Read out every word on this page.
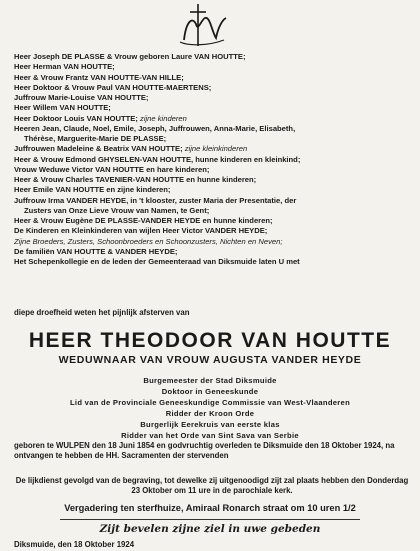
Heer Joseph DE PLASSE & Vrouw geboren Laure VAN HOUTTE;
Heer Herman VAN HOUTTE;
Heer & Vrouw Frantz VAN HOUTTE-VAN HILLE;
Heer Doktoor & Vrouw Paul VAN HOUTTE-MAERTENS;
Juffrouw Marie-Louise VAN HOUTTE;
Heer Willem VAN HOUTTE;
Heer Doktoor Louis VAN HOUTTE; zijne kinderen
Heeren Jean, Claude, Noel, Emile, Joseph, Juffrouwen, Anna-Marie, Elisabeth,
Thérèse, Marguerite-Marie DE PLASSE;
Juffrouwen Madeleine & Beatrix VAN HOUTTE; zijne kleinkinderen
Heer & Vrouw Edmond GHYSELEN-VAN HOUTTE, hunne kinderen en kleinkind;
Vrouw Weduwe Victor VAN HOUTTE en hare kinderen;
Heer & Vrouw Charles TAVENIER-VAN HOUTTE en hunne kinderen;
Heer Emile VAN HOUTTE en zijne kinderen;
Juffrouw Irma VANDER HEYDE, in 't klooster, zuster Maria der Presentatie, der
Zusters van Onze Lieve Vrouw van Namen, te Gent;
Heer & Vrouw Eugène DE PLASSE-VANDER HEYDE en hunne kinderen;
De Kinderen en Kleinkinderen van wijlen Heer Victor VANDER HEYDE;
Zijne Broeders, Zusters, Schoonbroeders en Schoonzusters, Nichten en Neven;
De familiën VAN HOUTTE & VANDER HEYDE;
Het Schepenkollegie en de leden der Gemeenteraad van Diksmuide laten U met
diepe droefheid weten het pijnlijk afsterven van
HEER THEODOOR VAN HOUTTE
WEDUWNAAR VAN VROUW AUGUSTA VANDER HEYDE
Burgemeester der Stad Diksmuide
Doktoor in Geneeskunde
Lid van de Provinciale Geneeskundige Commissie van West-Vlaanderen
Ridder der Kroon Orde
Burgerlijk Eerekruis van eerste klas
Ridder van het Orde van Sint Sava van Serbie
geboren te WULPEN den 18 Juni 1854 en godvruchtig overleden te Diksmuide den 18 Oktober 1924, na ontvangen te hebben de HH. Sacramenten der stervenden
De lijkdienst gevolgd van de begraving, tot dewelke zij uitgenoodigd zijt zal plaats hebben den Donderdag 23 Oktober om 11 ure in de parochiale kerk.
Vergadering ten sterfhuize, Amiraal Ronarch straat om 10 uren 1/2
Zijt bevelen zijne ziel in uwe gebeden
Diksmuide, den 18 Oktober 1924
